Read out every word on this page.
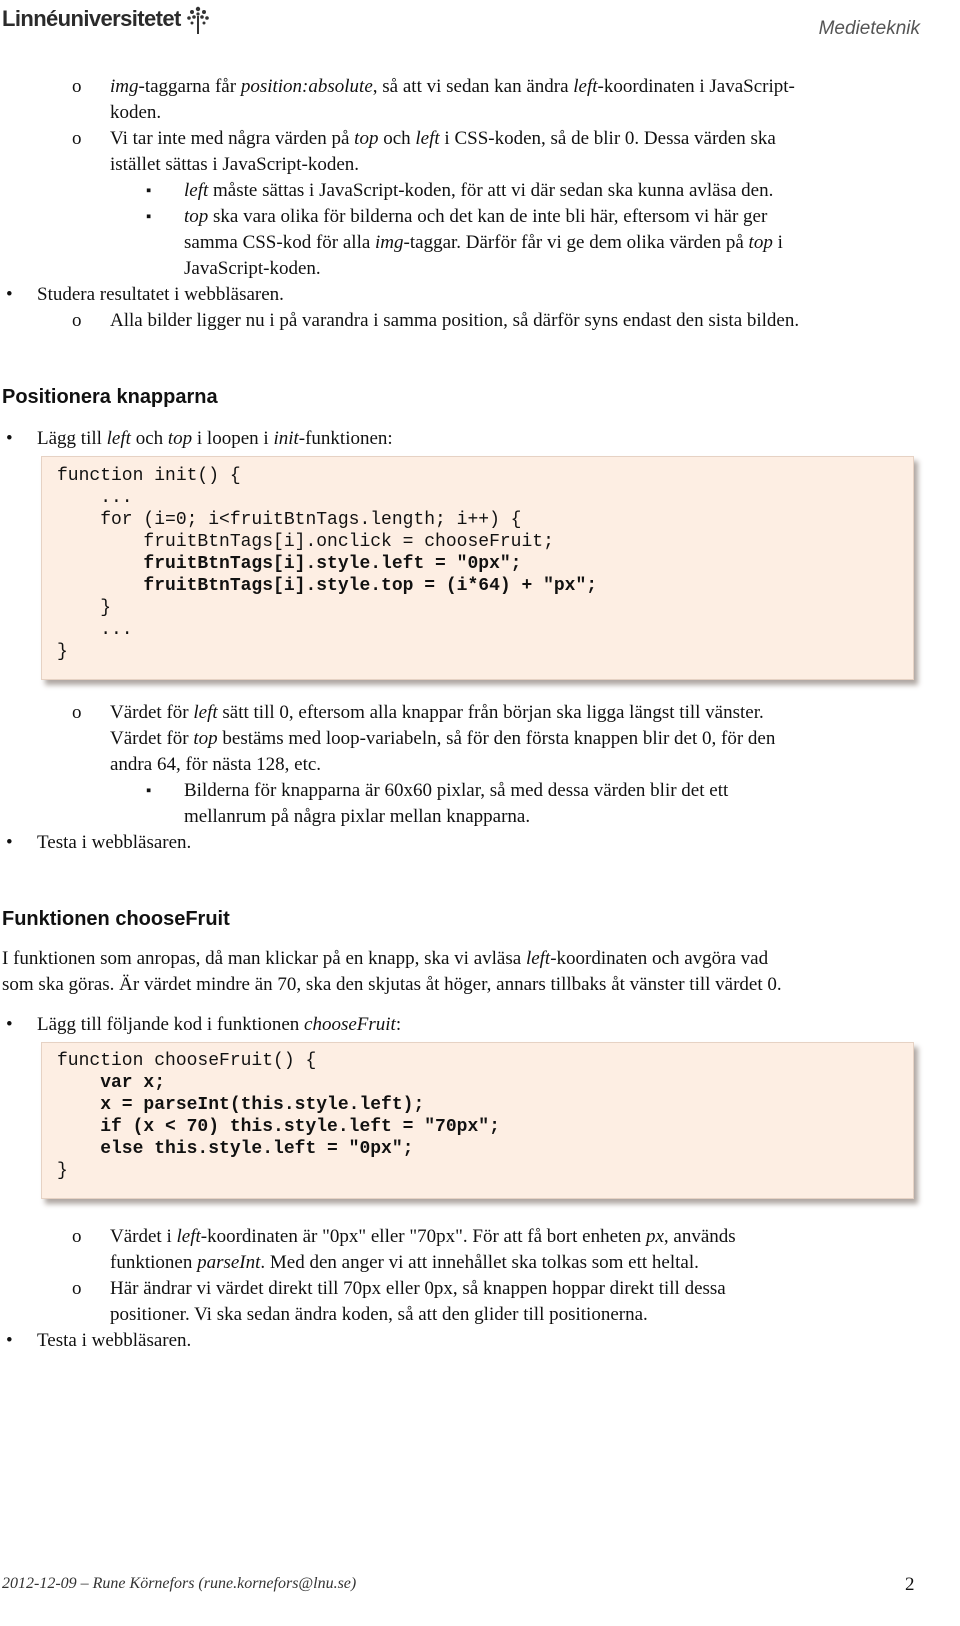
Linnéuniversitetet	Medieteknik
o img-taggarna får position:absolute, så att vi sedan kan ändra left-koordinaten i JavaScript-
koden.
o Vi tar inte med några värden på top och left i CSS-koden, så de blir 0. Dessa värden ska
istället sättas i JavaScript-koden.
▪ left måste sättas i JavaScript-koden, för att vi där sedan ska kunna avläsa den.
▪ top ska vara olika för bilderna och det kan de inte bli här, eftersom vi här ger
samma CSS-kod för alla img-taggar. Därför får vi ge dem olika värden på top i
JavaScript-koden.
• Studera resultatet i webbläsaren.
o Alla bilder ligger nu i på varandra i samma position, så därför syns endast den sista bilden.
Positionera knapparna
• Lägg till left och top i loopen i init-funktionen:
function init() {
...
for (i=0; i<fruitBtnTags.length; i++) {
fruitBtnTags[i].onclick = chooseFruit;
fruitBtnTags[i].style.left = "0px";
fruitBtnTags[i].style.top = (i*64) + "px";
}
...
}
o Värdet för left sätt till 0, eftersom alla knappar från början ska ligga längst till vänster.
Värdet för top bestäms med loop-variabeln, så för den första knappen blir det 0, för den
andra 64, för nästa 128, etc.
▪ Bilderna för knapparna är 60x60 pixlar, så med dessa värden blir det ett
mellanrum på några pixlar mellan knapparna.
• Testa i webbläsaren.
Funktionen chooseFruit
I funktionen som anropas, då man klickar på en knapp, ska vi avläsa left-koordinaten och avgöra vad
som ska göras. Är värdet mindre än 70, ska den skjutas åt höger, annars tillbaks åt vänster till värdet 0.
• Lägg till följande kod i funktionen chooseFruit:
function chooseFruit() {
var x;
x = parseInt(this.style.left);
if (x < 70) this.style.left = "70px";
else this.style.left = "0px";
}
o Värdet i left-koordinaten är "0px" eller "70px". För att få bort enheten px, används
funktionen parseInt. Med den anger vi att innehållet ska tolkas som ett heltal.
o Här ändrar vi värdet direkt till 70px eller 0px, så knappen hoppar direkt till dessa
positioner. Vi ska sedan ändra koden, så att den glider till positionerna.
• Testa i webbläsaren.
2012-12-09 – Rune Körnefors (rune.kornefors@lnu.se)	2
